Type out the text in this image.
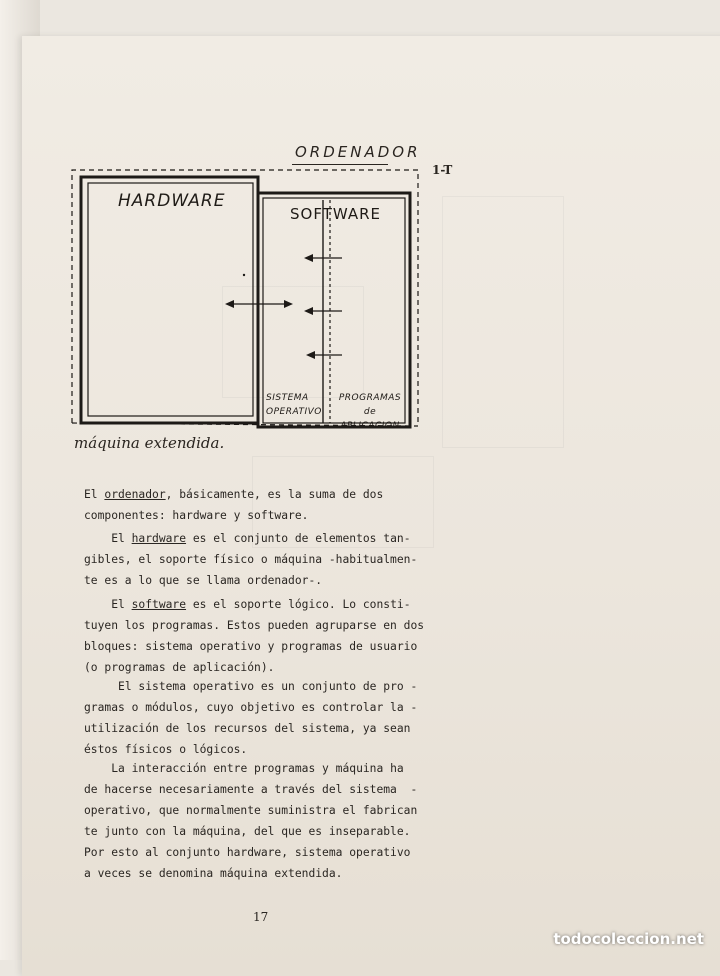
ORDENADOR
1-T
HARDWARE
SOFTWARE
SISTEMA OPERATIVO
PROGRAMAS de APLICACION
máquina extendida.
El ordenador, básicamente, es la suma de dos
componentes: hardware y software.
El hardware es el conjunto de elementos tan-
gibles, el soporte físico o máquina -habitualmen-
te es a lo que se llama ordenador-.
El software es el soporte lógico. Lo consti-
tuyen los programas. Estos pueden agruparse en dos
bloques: sistema operativo y programas de usuario
(o programas de aplicación).
El sistema operativo es un conjunto de pro -
gramas o módulos, cuyo objetivo es controlar la -
utilización de los recursos del sistema, ya sean
éstos físicos o lógicos.
La interacción entre programas y máquina ha
de hacerse necesariamente a través del sistema  -
operativo, que normalmente suministra el fabrican
te junto con la máquina, del que es inseparable.
Por esto al conjunto hardware, sistema operativo
a veces se denomina máquina extendida.
17
todocoleccion.net
